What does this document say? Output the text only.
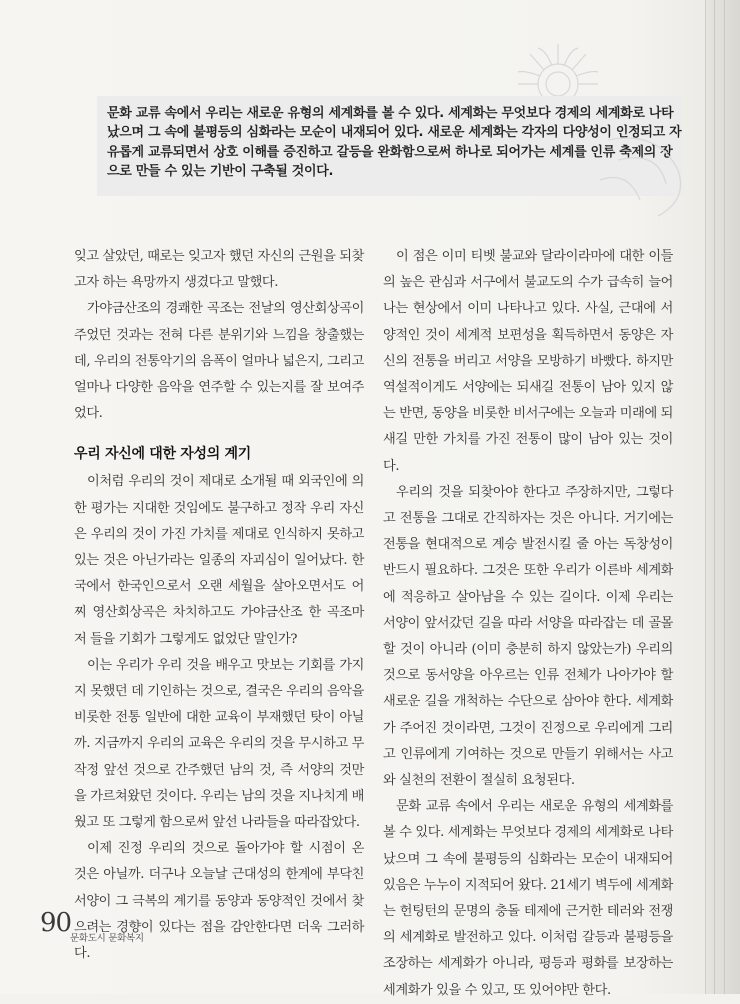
문화 교류 속에서 우리는 새로운 유형의 세계화를 볼 수 있다. 세계화는 무엇보다 경제의 세계화로 나타났으며 그 속에 불평등의 심화라는 모순이 내재되어 있다. 새로운 세계화는 각자의 다양성이 인정되고 자유롭게 교류되면서 상호 이해를 증진하고 갈등을 완화함으로써 하나로 되어가는 세계를 인류 축제의 장으로 만들 수 있는 기반이 구축될 것이다.

잊고 살았던, 때로는 잊고자 했던 자신의 근원을 되찾고자 하는 욕망까지 생겼다고 말했다.

가야금산조의 경쾌한 곡조는 전날의 영산회상곡이 주었던 것과는 전혀 다른 분위기와 느낌을 창출했는데, 우리의 전통악기의 음폭이 얼마나 넓은지, 그리고 얼마나 다양한 음악을 연주할 수 있는지를 잘 보여주었다.

우리 자신에 대한 자성의 계기

이처럼 우리의 것이 제대로 소개될 때 외국인에 의한 평가는 지대한 것임에도 불구하고 정작 우리 자신은 우리의 것이 가진 가치를 제대로 인식하지 못하고 있는 것은 아닌가라는 일종의 자괴심이 일어났다. 한국에서 한국인으로서 오랜 세월을 살아오면서도 어찌 영산회상곡은 차치하고도 가야금산조 한 곡조마저 들을 기회가 그렇게도 없었단 말인가?

이는 우리가 우리 것을 배우고 맛보는 기회를 가지지 못했던 데 기인하는 것으로, 결국은 우리의 음악을 비롯한 전통 일반에 대한 교육이 부재했던 탓이 아닐까. 지금까지 우리의 교육은 우리의 것을 무시하고 무작정 앞선 것으로 간주했던 남의 것, 즉 서양의 것만을 가르쳐왔던 것이다. 우리는 남의 것을 지나치게 배웠고 또 그렇게 함으로써 앞선 나라들을 따라잡았다.

이제 진정 우리의 것으로 돌아가야 할 시점이 온 것은 아닐까. 더구나 오늘날 근대성의 한계에 부닥친 서양이 그 극복의 계기를 동양과 동양적인 것에서 찾으려는 경향이 있다는 점을 감안한다면 더욱 그러하다.

이 점은 이미 티벳 불교와 달라이라마에 대한 이들의 높은 관심과 서구에서 불교도의 수가 급속히 늘어나는 현상에서 이미 나타나고 있다. 사실, 근대에 서양적인 것이 세계적 보편성을 획득하면서 동양은 자신의 전통을 버리고 서양을 모방하기 바빴다. 하지만 역설적이게도 서양에는 되새길 전통이 남아 있지 않는 반면, 동양을 비롯한 비서구에는 오늘과 미래에 되새길 만한 가치를 가진 전통이 많이 남아 있는 것이다.

우리의 것을 되찾아야 한다고 주장하지만, 그렇다고 전통을 그대로 간직하자는 것은 아니다. 거기에는 전통을 현대적으로 계승 발전시킬 줄 아는 독창성이 반드시 필요하다. 그것은 또한 우리가 이른바 세계화에 적응하고 살아남을 수 있는 길이다. 이제 우리는 서양이 앞서갔던 길을 따라 서양을 따라잡는 데 골몰할 것이 아니라 (이미 충분히 하지 않았는가) 우리의 것으로 동서양을 아우르는 인류 전체가 나아가야 할 새로운 길을 개척하는 수단으로 삼아야 한다. 세계화가 주어진 것이라면, 그것이 진정으로 우리에게 그리고 인류에게 기여하는 것으로 만들기 위해서는 사고와 실천의 전환이 절실히 요청된다.

문화 교류 속에서 우리는 새로운 유형의 세계화를 볼 수 있다. 세계화는 무엇보다 경제의 세계화로 나타났으며 그 속에 불평등의 심화라는 모순이 내재되어 있음은 누누이 지적되어 왔다. 21세기 벽두에 세계화는 헌팅턴의 문명의 충돌 테제에 근거한 테러와 전쟁의 세계화로 발전하고 있다. 이처럼 갈등과 불평등을 조장하는 세계화가 아니라, 평등과 평화를 보장하는 세계화가 있을 수 있고, 또 있어야만 한다.

90
문화도시 문화복지
